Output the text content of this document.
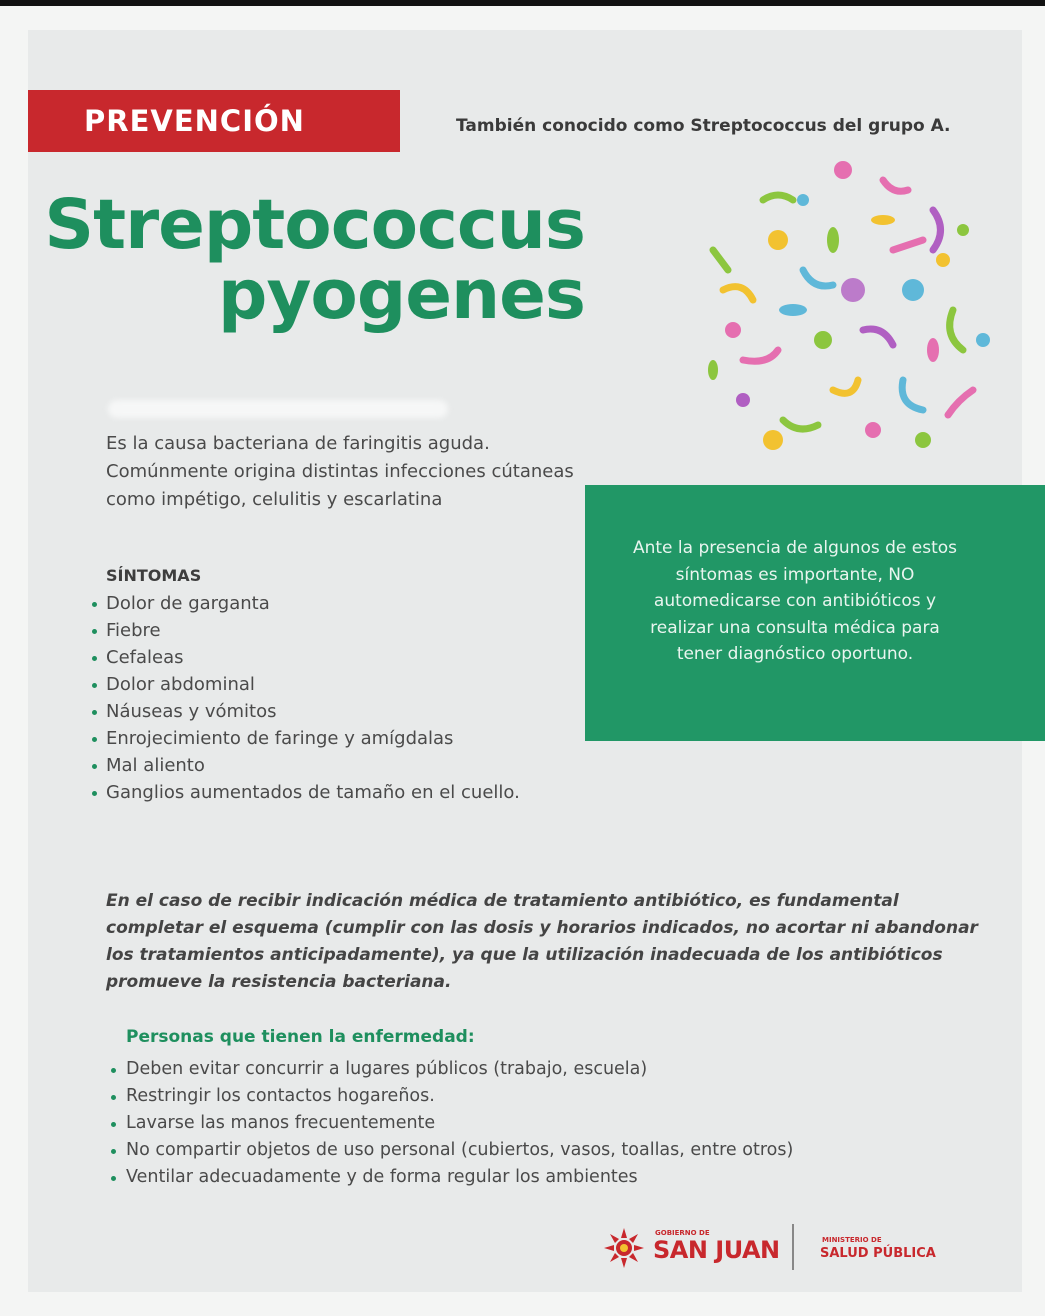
PREVENCIÓN	También conocido como Streptococcus del grupo A.
Streptococcus
pyogenes
Es la causa bacteriana de faringitis aguda. Comúnmente origina distintas infecciones cútaneas como impétigo, celulitis y escarlatina
SÍNTOMAS
Dolor de garganta
Fiebre
Cefaleas
Dolor abdominal
Náuseas y vómitos
Enrojecimiento de faringe y amígdalas
Mal aliento
Ganglios aumentados de tamaño en el cuello.
En el caso de recibir indicación médica de tratamiento antibiótico, es fundamental completar el esquema (cumplir con las dosis y horarios indicados, no acortar ni abandonar los tratamientos anticipadamente), ya que la utilización inadecuada de los antibióticos promueve la resistencia bacteriana.
Personas que tienen la enfermedad:
Deben evitar concurrir a lugares públicos (trabajo, escuela)
Restringir los contactos hogareños.
Lavarse las manos frecuentemente
No compartir objetos de uso personal (cubiertos, vasos, toallas, entre otros)
Ventilar adecuadamente y de forma regular los ambientes
Ante la presencia de algunos de estos síntomas es importante, NO automedicarse con antibióticos y realizar una consulta médica para tener diagnóstico oportuno.
GOBIERNO DE
SAN JUAN	MINISTERIO DE
SALUD PÚBLICA
